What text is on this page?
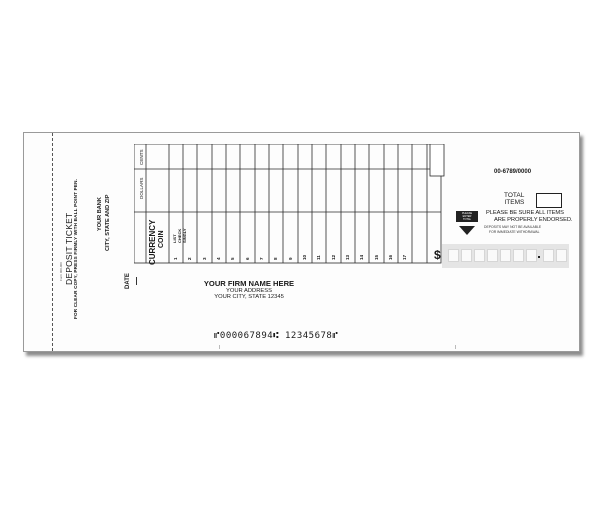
Form 000-000 DEPOSIT TICKET FOR CLEAR COPY, PRESS FIRMLY WITH BALL POINT PEN.	YOUR BANK CITY, STATE AND ZIP
DATE
CENTS
DOLLARS
CURRENCY COIN LIST CHECK SINGLY
1 2 3 4 5 6 7 8 9 10 11 12 13 14 15 16 17 $
00-6789/0000
TOTAL
ITEMS
PLEASE BE SURE ALL ITEMS
ARE PROPERLY ENDORSED.
DEPOSITS MAY NOT BE AVAILABLE
FOR IMMEDIATE WITHDRAWAL
PLEASE
ENTER
TOTAL
YOUR FIRM NAME HERE
YOUR ADDRESS
YOUR CITY, STATE 12345
⑈000067894⑆ 12345678⑈
